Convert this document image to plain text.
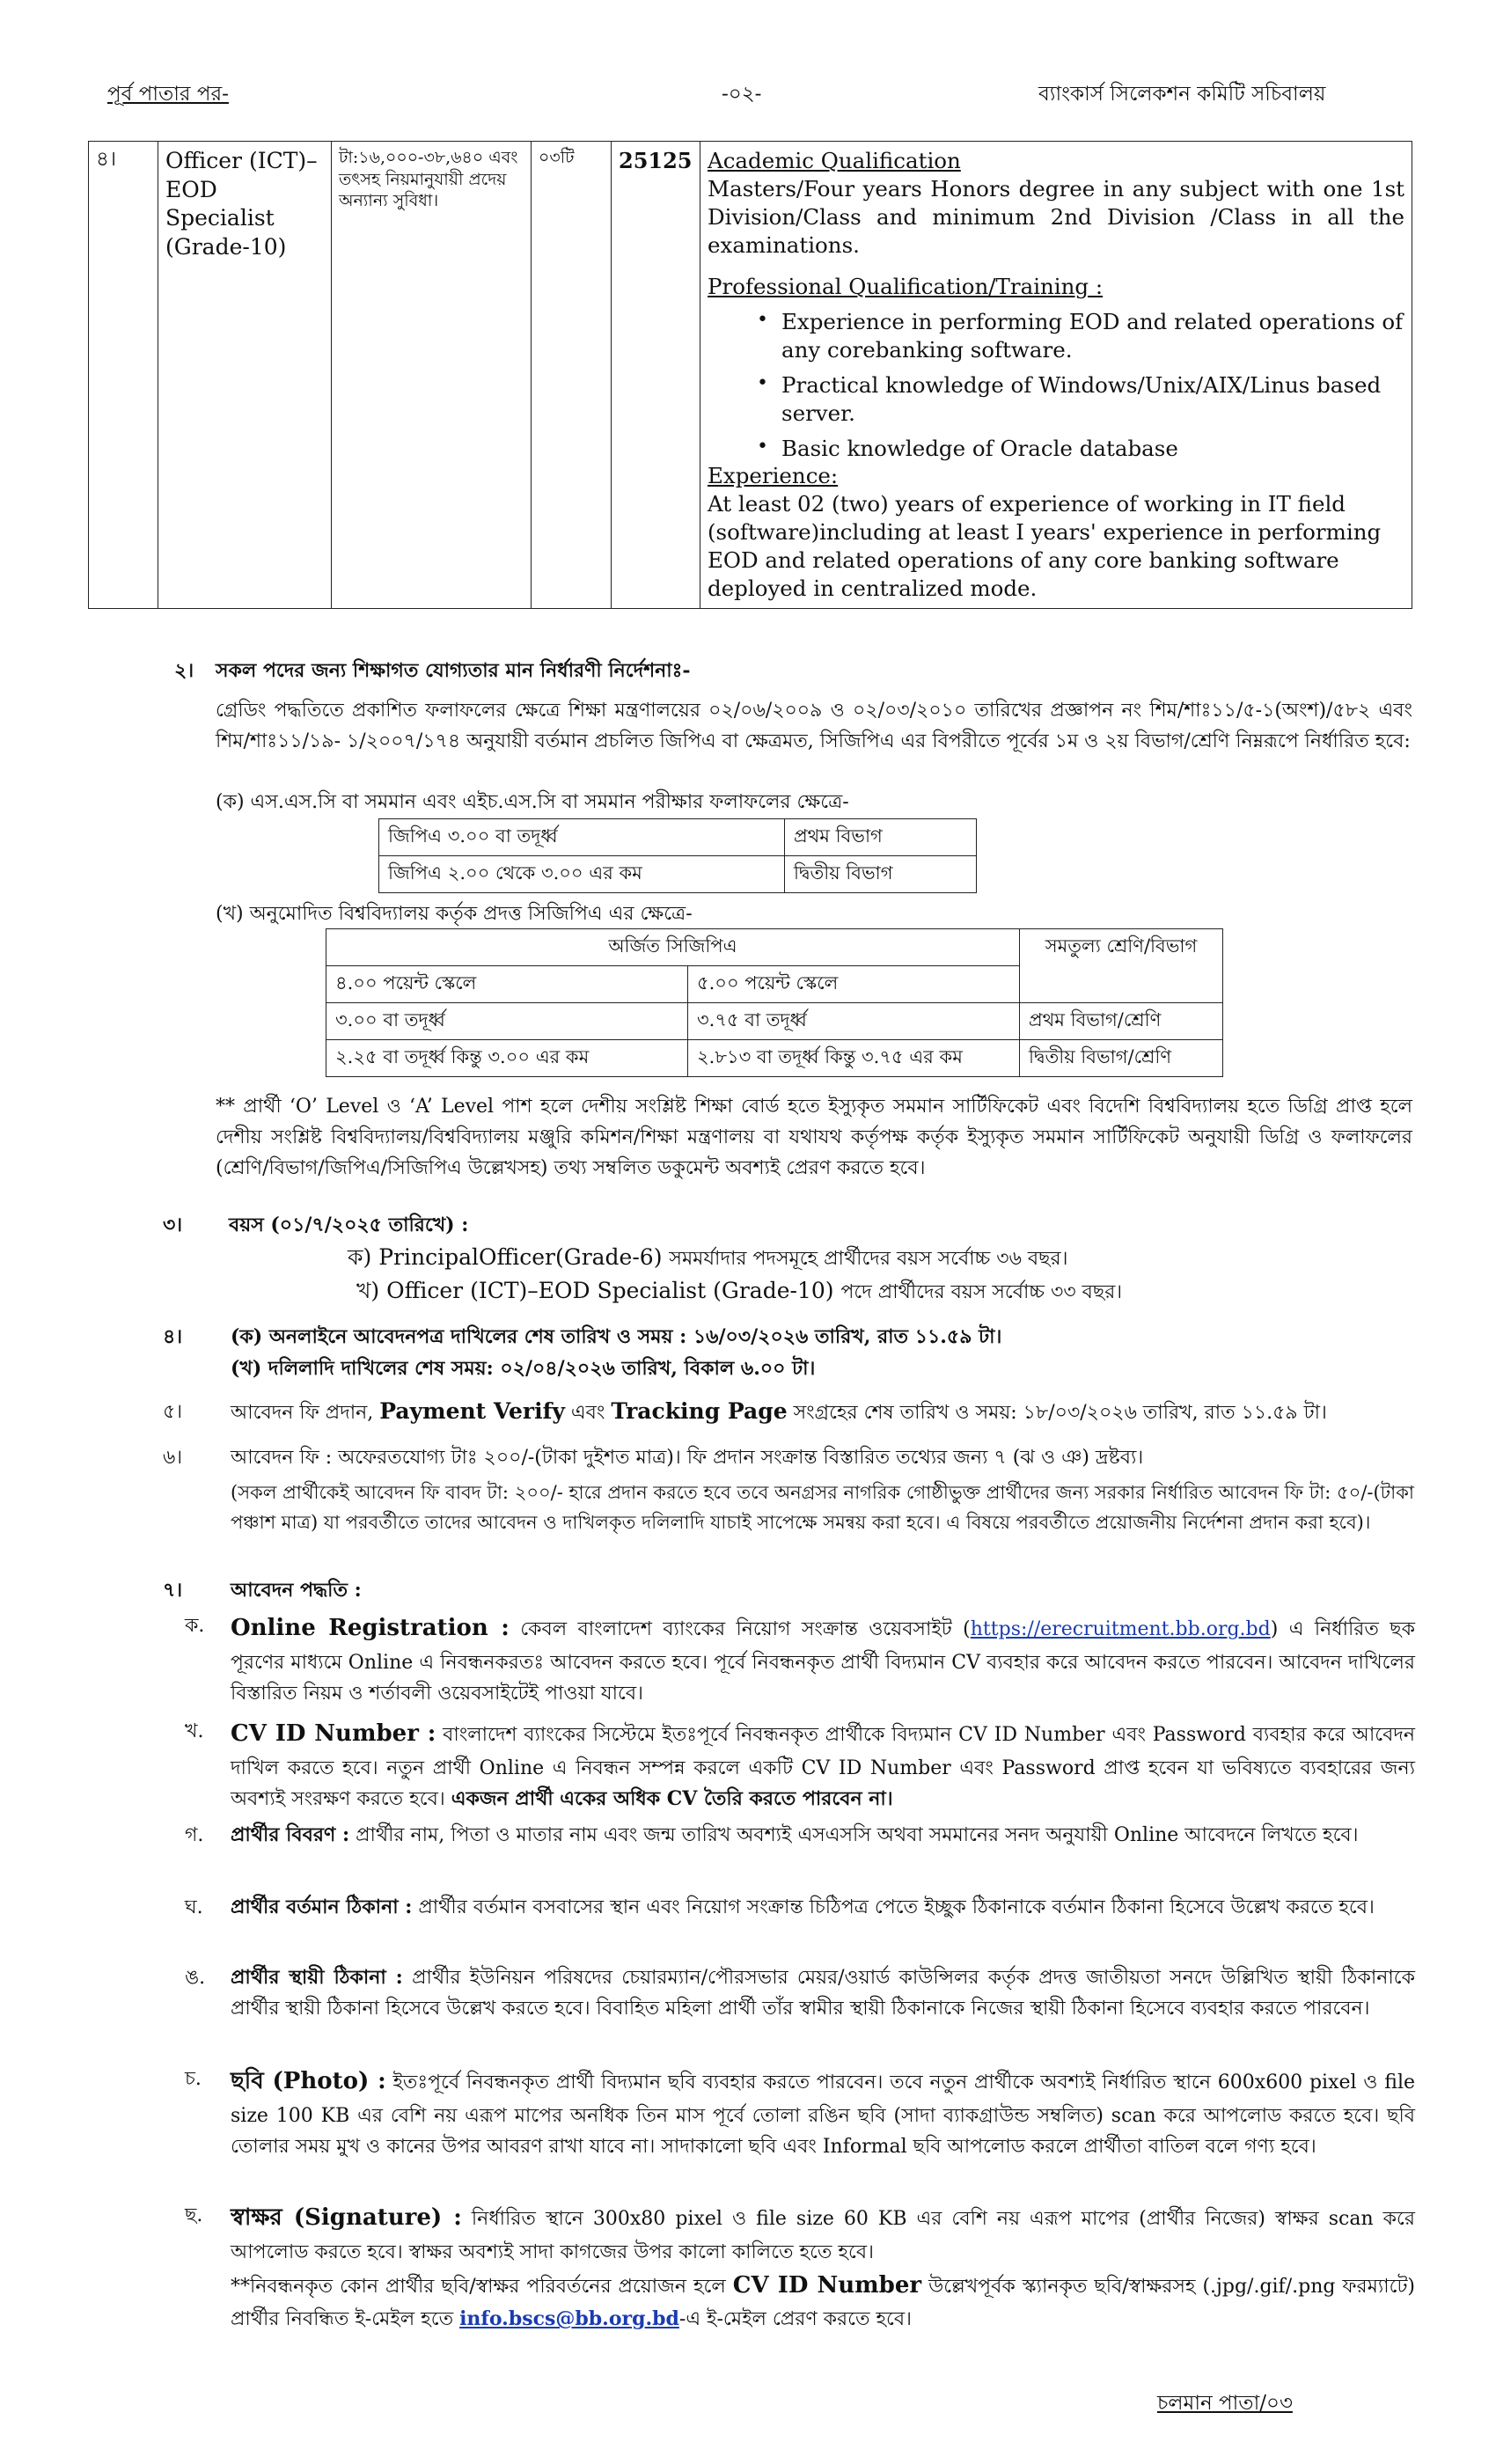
পূর্ব পাতার পর-	-০২-	ব্যাংকার্স সিলেকশন কমিটি সচিবালয়
৪।	Officer (ICT)–EOD Specialist (Grade-10)	টা:১৬,০০০-৩৮,৬৪০ এবং তৎসহ নিয়মানুযায়ী প্রদেয় অন্যান্য সুবিধা।	০৩টি	25125	Academic Qualification
Masters/Four years Honors degree in any subject with one 1st Division/Class and minimum 2nd Division /Class in all the examinations.
Professional Qualification/Training :
• Experience in performing EOD and related operations of any corebanking software.
• Practical knowledge of Windows/Unix/AIX/Linus based server.
• Basic knowledge of Oracle database
Experience:
At least 02 (two) years of experience of working in IT field (software)including at least I years' experience in performing EOD and related operations of any core banking software deployed in centralized mode.
২। সকল পদের জন্য শিক্ষাগত যোগ্যতার মান নির্ধারণী নির্দেশনাঃ-
গ্রেডিং পদ্ধতিতে প্রকাশিত ফলাফলের ক্ষেত্রে শিক্ষা মন্ত্রণালয়ের ০২/০৬/২০০৯ ও ০২/০৩/২০১০ তারিখের প্রজ্ঞাপন নং শিম/শাঃ১১/৫-১(অংশ)/৫৮২ এবং শিম/শাঃ১১/১৯- ১/২০০৭/১৭৪ অনুযায়ী বর্তমান প্রচলিত জিপিএ বা ক্ষেত্রমত, সিজিপিএ এর বিপরীতে পূর্বের ১ম ও ২য় বিভাগ/শ্রেণি নিম্নরূপে নির্ধারিত হবে:
(ক) এস.এস.সি বা সমমান এবং এইচ.এস.সি বা সমমান পরীক্ষার ফলাফলের ক্ষেত্রে-
জিপিএ ৩.০০ বা তদূর্ধ্ব	প্রথম বিভাগ
জিপিএ ২.০০ থেকে ৩.০০ এর কম	দ্বিতীয় বিভাগ
(খ) অনুমোদিত বিশ্ববিদ্যালয় কর্তৃক প্রদত্ত সিজিপিএ এর ক্ষেত্রে-
অর্জিত সিজিপিএ		সমতুল্য শ্রেণি/বিভাগ
৪.০০ পয়েন্ট স্কেলে	৫.০০ পয়েন্ট স্কেলে	
৩.০০ বা তদূর্ধ্ব	৩.৭৫ বা তদূর্ধ্ব	প্রথম বিভাগ/শ্রেণি
২.২৫ বা তদূর্ধ্ব কিন্তু ৩.০০ এর কম	২.৮১৩ বা তদূর্ধ্ব কিন্তু ৩.৭৫ এর কম	দ্বিতীয় বিভাগ/শ্রেণি
** প্রার্থী ‘O’ Level ও ‘A’ Level পাশ হলে দেশীয় সংশ্লিষ্ট শিক্ষা বোর্ড হতে ইস্যুকৃত সমমান সার্টিফিকেট এবং বিদেশি বিশ্ববিদ্যালয় হতে ডিগ্রি প্রাপ্ত হলে দেশীয় সংশ্লিষ্ট বিশ্ববিদ্যালয়/বিশ্ববিদ্যালয় মঞ্জুরি কমিশন/শিক্ষা মন্ত্রণালয় বা যথাযথ কর্তৃপক্ষ কর্তৃক ইস্যুকৃত সমমান সার্টিফিকেট অনুযায়ী ডিগ্রি ও ফলাফলের (শ্রেণি/বিভাগ/জিপিএ/সিজিপিএ উল্লেখসহ) তথ্য সম্বলিত ডকুমেন্ট অবশ্যই প্রেরণ করতে হবে।
৩। বয়স (০১/৭/২০২৫ তারিখে) :
ক) PrincipalOfficer(Grade-6) সমমর্যাদার পদসমূহে প্রার্থীদের বয়স সর্বোচ্চ ৩৬ বছর।
খ) Officer (ICT)–EOD Specialist (Grade-10) পদে প্রার্থীদের বয়স সর্বোচ্চ ৩৩ বছর।
৪। (ক) অনলাইনে আবেদনপত্র দাখিলের শেষ তারিখ ও সময় : ১৬/০৩/২০২৬ তারিখ, রাত ১১.৫৯ টা।
(খ) দলিলাদি দাখিলের শেষ সময়: ০২/০৪/২০২৬ তারিখ, বিকাল ৬.০০ টা।
৫। আবেদন ফি প্রদান, Payment Verify এবং Tracking Page সংগ্রহের শেষ তারিখ ও সময়: ১৮/০৩/২০২৬ তারিখ, রাত ১১.৫৯ টা।
৬। আবেদন ফি : অফেরতযোগ্য টাঃ ২০০/-(টাকা দুইশত মাত্র)। ফি প্রদান সংক্রান্ত বিস্তারিত তথ্যের জন্য ৭ (ঝ ও ঞ) দ্রষ্টব্য।
(সকল প্রার্থীকেই আবেদন ফি বাবদ টা: ২০০/- হারে প্রদান করতে হবে তবে অনগ্রসর নাগরিক গোষ্ঠীভুক্ত প্রার্থীদের জন্য সরকার নির্ধারিত আবেদন ফি টা: ৫০/-(টাকা পঞ্চাশ মাত্র) যা পরবর্তীতে তাদের আবেদন ও দাখিলকৃত দলিলাদি যাচাই সাপেক্ষে সমন্বয় করা হবে। এ বিষয়ে পরবর্তীতে প্রয়োজনীয় নির্দেশনা প্রদান করা হবে)।
৭। আবেদন পদ্ধতি :
ক. Online Registration : কেবল বাংলাদেশ ব্যাংকের নিয়োগ সংক্রান্ত ওয়েবসাইট (https://erecruitment.bb.org.bd) এ নির্ধারিত ছক পূরণের মাধ্যমে Online এ নিবন্ধনকরতঃ আবেদন করতে হবে। পূর্বে নিবন্ধনকৃত প্রার্থী বিদ্যমান CV ব্যবহার করে আবেদন করতে পারবেন। আবেদন দাখিলের বিস্তারিত নিয়ম ও শর্তাবলী ওয়েবসাইটেই পাওয়া যাবে।
খ. CV ID Number : বাংলাদেশ ব্যাংকের সিস্টেমে ইতঃপূর্বে নিবন্ধনকৃত প্রার্থীকে বিদ্যমান CV ID Number এবং Password ব্যবহার করে আবেদন দাখিল করতে হবে। নতুন প্রার্থী Online এ নিবন্ধন সম্পন্ন করলে একটি CV ID Number এবং Password প্রাপ্ত হবেন যা ভবিষ্যতে ব্যবহারের জন্য অবশ্যই সংরক্ষণ করতে হবে। একজন প্রার্থী একের অধিক CV তৈরি করতে পারবেন না।
গ. প্রার্থীর বিবরণ : প্রার্থীর নাম, পিতা ও মাতার নাম এবং জন্ম তারিখ অবশ্যই এসএসসি অথবা সমমানের সনদ অনুযায়ী Online আবেদনে লিখতে হবে।
ঘ. প্রার্থীর বর্তমান ঠিকানা : প্রার্থীর বর্তমান বসবাসের স্থান এবং নিয়োগ সংক্রান্ত চিঠিপত্র পেতে ইচ্ছুক ঠিকানাকে বর্তমান ঠিকানা হিসেবে উল্লেখ করতে হবে।
ঙ. প্রার্থীর স্থায়ী ঠিকানা : প্রার্থীর ইউনিয়ন পরিষদের চেয়ারম্যান/পৌরসভার মেয়র/ওয়ার্ড কাউন্সিলর কর্তৃক প্রদত্ত জাতীয়তা সনদে উল্লিখিত স্থায়ী ঠিকানাকে প্রার্থীর স্থায়ী ঠিকানা হিসেবে উল্লেখ করতে হবে। বিবাহিত মহিলা প্রার্থী তাঁর স্বামীর স্থায়ী ঠিকানাকে নিজের স্থায়ী ঠিকানা হিসেবে ব্যবহার করতে পারবেন।
চ. ছবি (Photo) : ইতঃপূর্বে নিবন্ধনকৃত প্রার্থী বিদ্যমান ছবি ব্যবহার করতে পারবেন। তবে নতুন প্রার্থীকে অবশ্যই নির্ধারিত স্থানে 600x600 pixel ও file size 100 KB এর বেশি নয় এরূপ মাপের অনধিক তিন মাস পূর্বে তোলা রঙিন ছবি (সাদা ব্যাকগ্রাউন্ড সম্বলিত) scan করে আপলোড করতে হবে। ছবি তোলার সময় মুখ ও কানের উপর আবরণ রাখা যাবে না। সাদাকালো ছবি এবং Informal ছবি আপলোড করলে প্রার্থীতা বাতিল বলে গণ্য হবে।
ছ. স্বাক্ষর (Signature) : নির্ধারিত স্থানে 300x80 pixel ও file size 60 KB এর বেশি নয় এরূপ মাপের (প্রার্থীর নিজের) স্বাক্ষর scan করে আপলোড করতে হবে। স্বাক্ষর অবশ্যই সাদা কাগজের উপর কালো কালিতে হতে হবে।
**নিবন্ধনকৃত কোন প্রার্থীর ছবি/স্বাক্ষর পরিবর্তনের প্রয়োজন হলে CV ID Number উল্লেখপূর্বক স্ক্যানকৃত ছবি/স্বাক্ষরসহ (.jpg/.gif/.png ফরম্যাটে) প্রার্থীর নিবন্ধিত ই-মেইল হতে info.bscs@bb.org.bd-এ ই-মেইল প্রেরণ করতে হবে।
চলমান পাতা/০৩
